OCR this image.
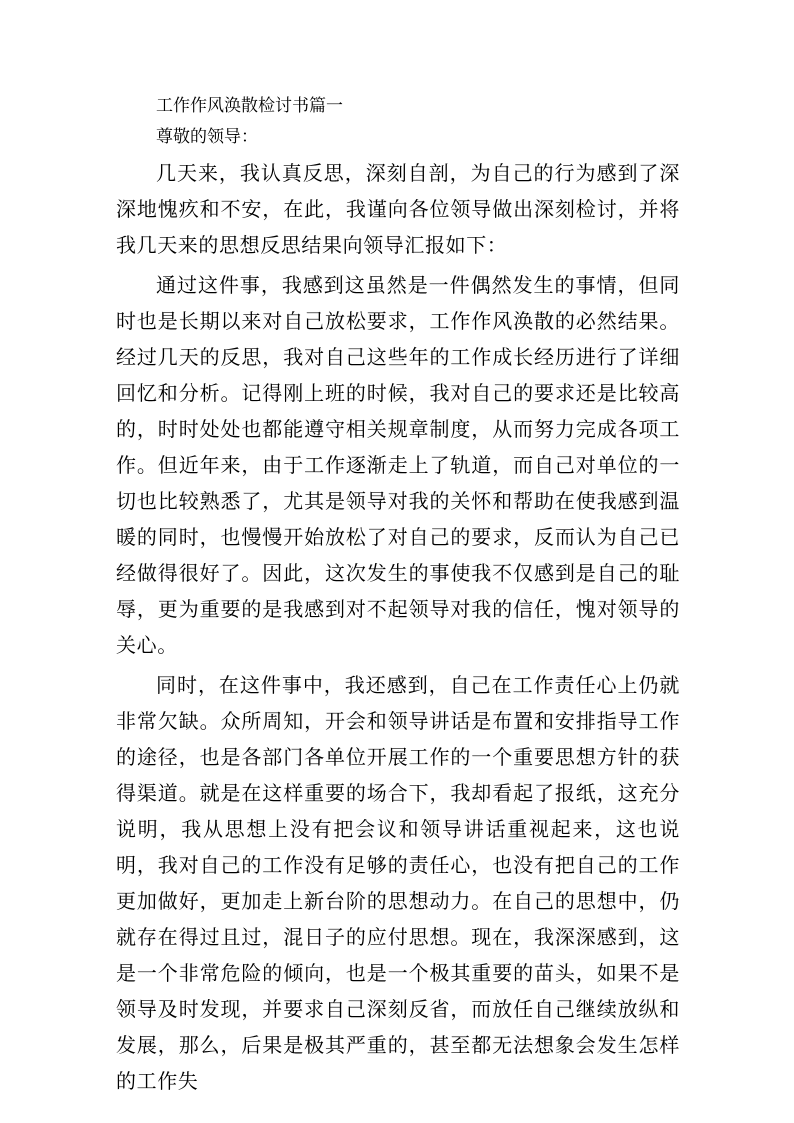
工作作风涣散检讨书篇一

尊敬的领导：

几天来，我认真反思，深刻自剖，为自己的行为感到了深深地愧疚和不安，在此，我谨向各位领导做出深刻检讨，并将我几天来的思想反思结果向领导汇报如下：

通过这件事，我感到这虽然是一件偶然发生的事情，但同时也是长期以来对自己放松要求，工作作风涣散的必然结果。经过几天的反思，我对自己这些年的工作成长经历进行了详细回忆和分析。记得刚上班的时候，我对自己的要求还是比较高的，时时处处也都能遵守相关规章制度，从而努力完成各项工作。但近年来，由于工作逐渐走上了轨道，而自己对单位的一切也比较熟悉了，尤其是领导对我的关怀和帮助在使我感到温暖的同时，也慢慢开始放松了对自己的要求，反而认为自己已经做得很好了。因此，这次发生的事使我不仅感到是自己的耻辱，更为重要的是我感到对不起领导对我的信任，愧对领导的关心。

同时，在这件事中，我还感到，自己在工作责任心上仍就非常欠缺。众所周知，开会和领导讲话是布置和安排指导工作的途径，也是各部门各单位开展工作的一个重要思想方针的获得渠道。就是在这样重要的场合下，我却看起了报纸，这充分说明，我从思想上没有把会议和领导讲话重视起来，这也说明，我对自己的工作没有足够的责任心，也没有把自己的工作更加做好，更加走上新台阶的思想动力。在自己的思想中，仍就存在得过且过，混日子的应付思想。现在，我深深感到，这是一个非常危险的倾向，也是一个极其重要的苗头，如果不是领导及时发现，并要求自己深刻反省，而放任自己继续放纵和发展，那么，后果是极其严重的，甚至都无法想象会发生怎样的工作失
